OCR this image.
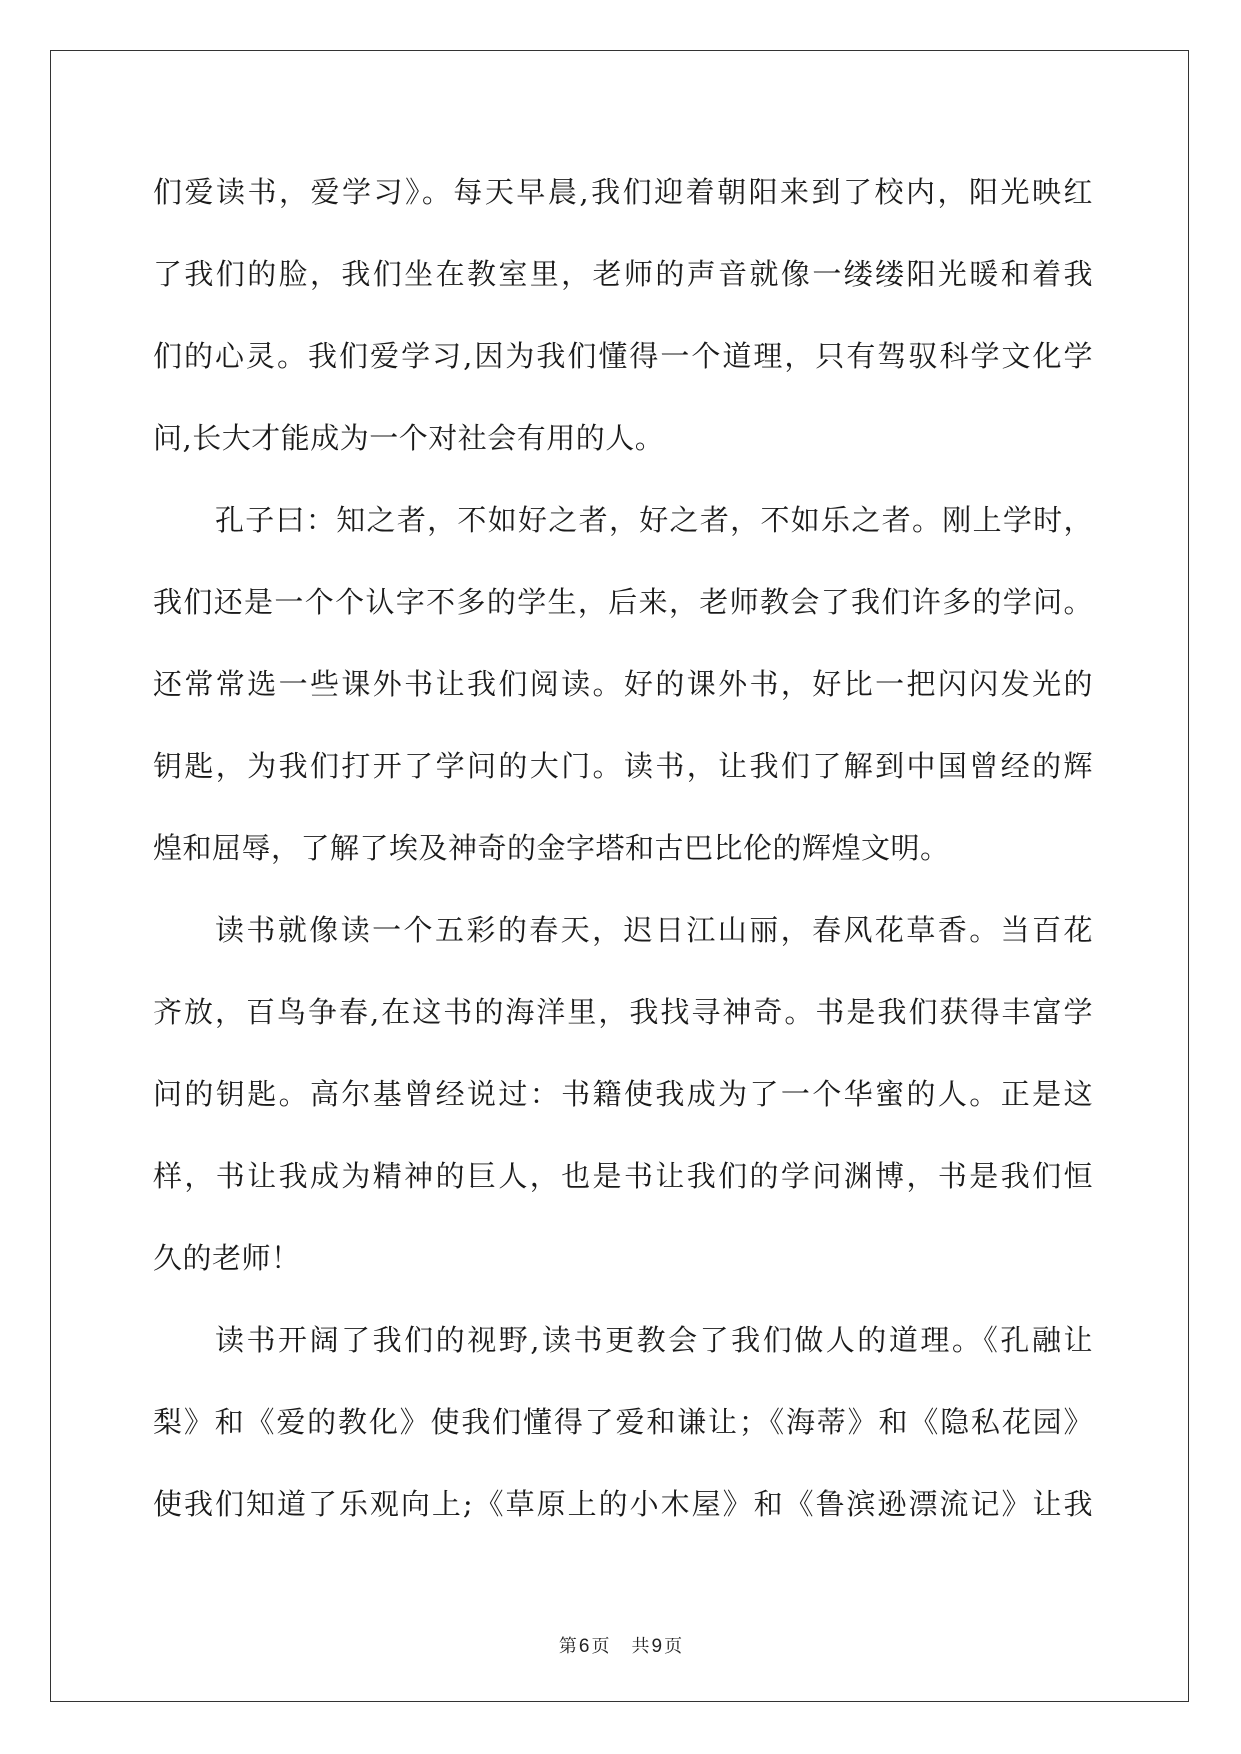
们爱读书，爱学习》。每天早晨,我们迎着朝阳来到了校内，阳光映红
了我们的脸，我们坐在教室里，老师的声音就像一缕缕阳光暖和着我
们的心灵。我们爱学习,因为我们懂得一个道理，只有驾驭科学文化学
问,长大才能成为一个对社会有用的人。
孔子曰：知之者，不如好之者，好之者，不如乐之者。刚上学时，
我们还是一个个认字不多的学生，后来，老师教会了我们许多的学问。
还常常选一些课外书让我们阅读。好的课外书，好比一把闪闪发光的
钥匙，为我们打开了学问的大门。读书，让我们了解到中国曾经的辉
煌和屈辱，了解了埃及神奇的金字塔和古巴比伦的辉煌文明。
读书就像读一个五彩的春天，迟日江山丽，春风花草香。当百花
齐放，百鸟争春,在这书的海洋里，我找寻神奇。书是我们获得丰富学
问的钥匙。高尔基曾经说过：书籍使我成为了一个华蜜的人。正是这
样，书让我成为精神的巨人，也是书让我们的学问渊博，书是我们恒
久的老师！
读书开阔了我们的视野,读书更教会了我们做人的道理。《孔融让
梨》和《爱的教化》使我们懂得了爱和谦让；《海蒂》和《隐私花园》
使我们知道了乐观向上;《草原上的小木屋》和《鲁滨逊漂流记》让我
第 6 页 共 9 页
